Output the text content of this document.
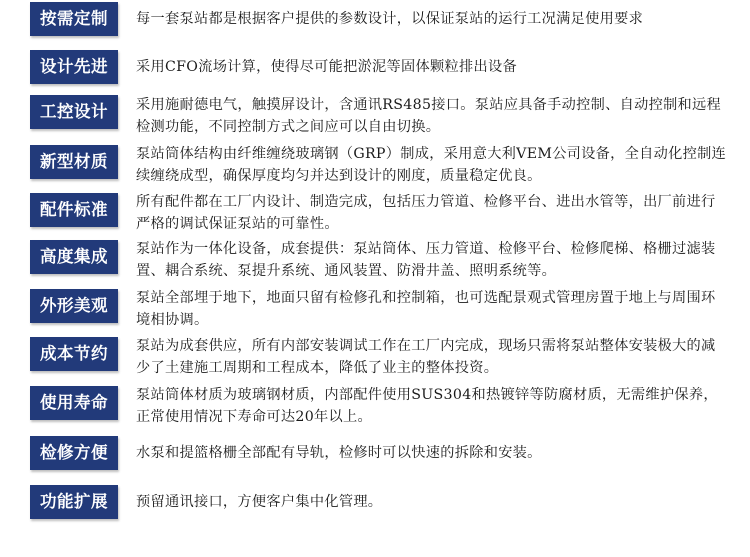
按需定制	每一套泵站都是根据客户提供的参数设计，以保证泵站的运行工况满足使用要求
设计先进	采用CFO流场计算，使得尽可能把淤泥等固体颗粒排出设备
工控设计	采用施耐德电气，触摸屏设计，含通讯RS485接口。泵站应具备手动控制、自动控制和远程检测功能，不同控制方式之间应可以自由切换。
新型材质	泵站筒体结构由纤维缠绕玻璃钢（GRP）制成，采用意大利VEM公司设备，全自动化控制连续缠绕成型，确保厚度均匀并达到设计的刚度，质量稳定优良。
配件标准	所有配件都在工厂内设计、制造完成，包括压力管道、检修平台、进出水管等，出厂前进行严格的调试保证泵站的可靠性。
高度集成	泵站作为一体化设备，成套提供：泵站筒体、压力管道、检修平台、检修爬梯、格栅过滤装置、耦合系统、泵提升系统、通风装置、防滑井盖、照明系统等。
外形美观	泵站全部埋于地下，地面只留有检修孔和控制箱，也可选配景观式管理房置于地上与周围环境相协调。
成本节约	泵站为成套供应，所有内部安装调试工作在工厂内完成，现场只需将泵站整体安装极大的减少了土建施工周期和工程成本，降低了业主的整体投资。
使用寿命	泵站筒体材质为玻璃钢材质，内部配件使用SUS304和热镀锌等防腐材质，无需维护保养，正常使用情况下寿命可达20年以上。
检修方便	水泵和提篮格栅全部配有导轨，检修时可以快速的拆除和安装。
功能扩展	预留通讯接口，方便客户集中化管理。
